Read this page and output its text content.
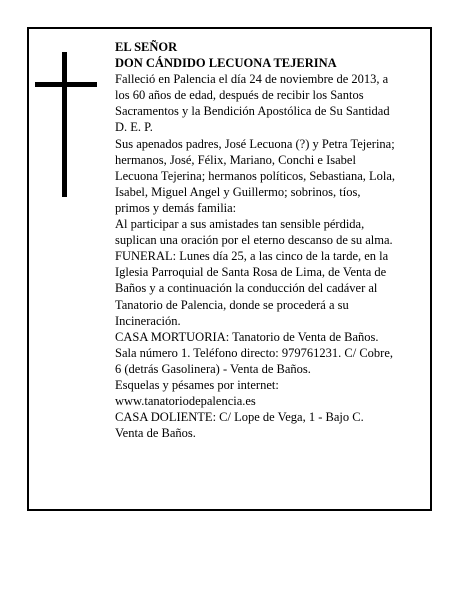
EL SEÑOR

DON CÁNDIDO LECUONA TEJERINA

Falleció en Palencia el día 24 de noviembre de 2013, a
los 60 años de edad, después de recibir los Santos
Sacramentos y la Bendición Apostólica de Su Santidad

D. E. P.

Sus apenados padres, José Lecuona (?) y Petra Tejerina;
hermanos, José, Félix, Mariano, Conchi e Isabel
Lecuona Tejerina; hermanos políticos, Sebastiana, Lola,
Isabel, Miguel Angel y Guillermo; sobrinos, tíos,
primos y demás familia:

Al participar a sus amistades tan sensible pérdida,
suplican una oración por el eterno descanso de su alma.

FUNERAL: Lunes día 25, a las cinco de la tarde, en la
Iglesia Parroquial de Santa Rosa de Lima, de Venta de
Baños y a continuación la conducción del cadáver al
Tanatorio de Palencia, donde se procederá a su
Incineración.

CASA MORTUORIA: Tanatorio de Venta de Baños.
Sala número 1. Teléfono directo: 979761231. C/ Cobre,
6 (detrás Gasolinera) - Venta de Baños.

Esquelas y pésames por internet:
www.tanatoriodepalencia.es

CASA DOLIENTE: C/ Lope de Vega, 1 - Bajo C.
Venta de Baños.
